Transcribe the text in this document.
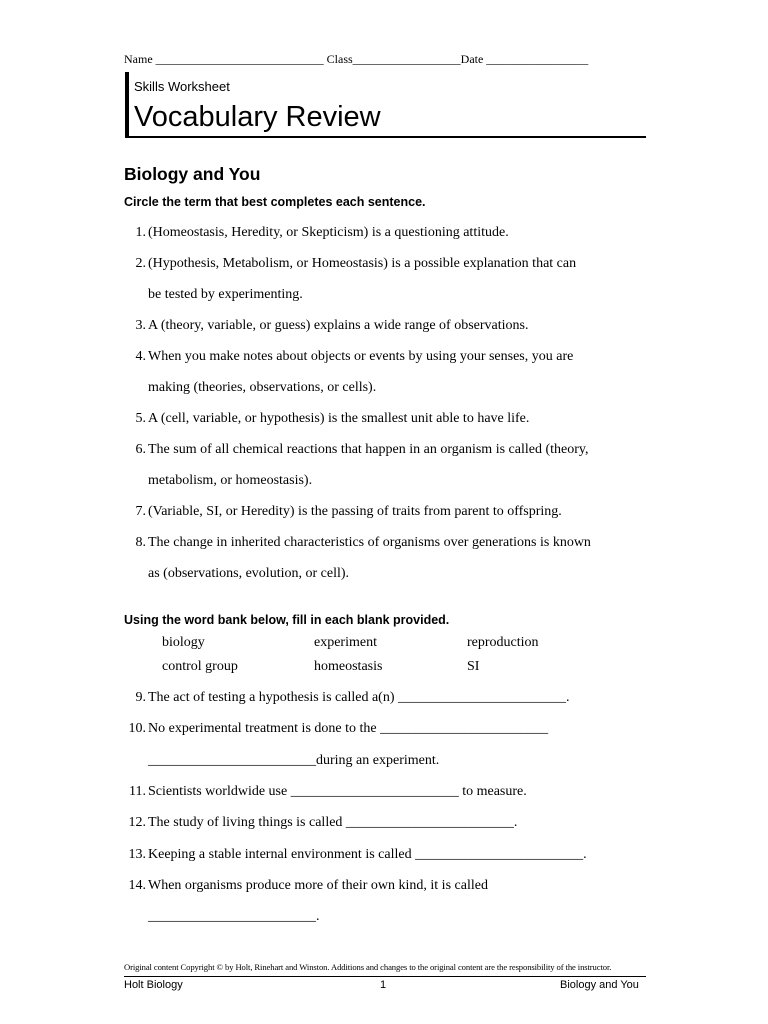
Name ____________________________ Class__________________Date _________________
Skills Worksheet
Vocabulary Review
Biology and You
Circle the term that best completes each sentence.
1. (Homeostasis, Heredity, or Skepticism) is a questioning attitude.
2. (Hypothesis, Metabolism, or Homeostasis) is a possible explanation that can
be tested by experimenting.
3. A (theory, variable, or guess) explains a wide range of observations.
4. When you make notes about objects or events by using your senses, you are
making (theories, observations, or cells).
5. A (cell, variable, or hypothesis) is the smallest unit able to have life.
6. The sum of all chemical reactions that happen in an organism is called (theory,
metabolism, or homeostasis).
7. (Variable, SI, or Heredity) is the passing of traits from parent to offspring.
8. The change in inherited characteristics of organisms over generations is known
as (observations, evolution, or cell).
Using the word bank below, fill in each blank provided.
biology	experiment	reproduction
control group	homeostasis	SI
9. The act of testing a hypothesis is called a(n) ________________________.
10. No experimental treatment is done to the ________________________
________________________during an experiment.
11. Scientists worldwide use ________________________ to measure.
12. The study of living things is called ________________________.
13. Keeping a stable internal environment is called ________________________.
14. When organisms produce more of their own kind, it is called
________________________.
Original content Copyright © by Holt, Rinehart and Winston. Additions and changes to the original content are the responsibility of the instructor.
Holt Biology	1	Biology and You
